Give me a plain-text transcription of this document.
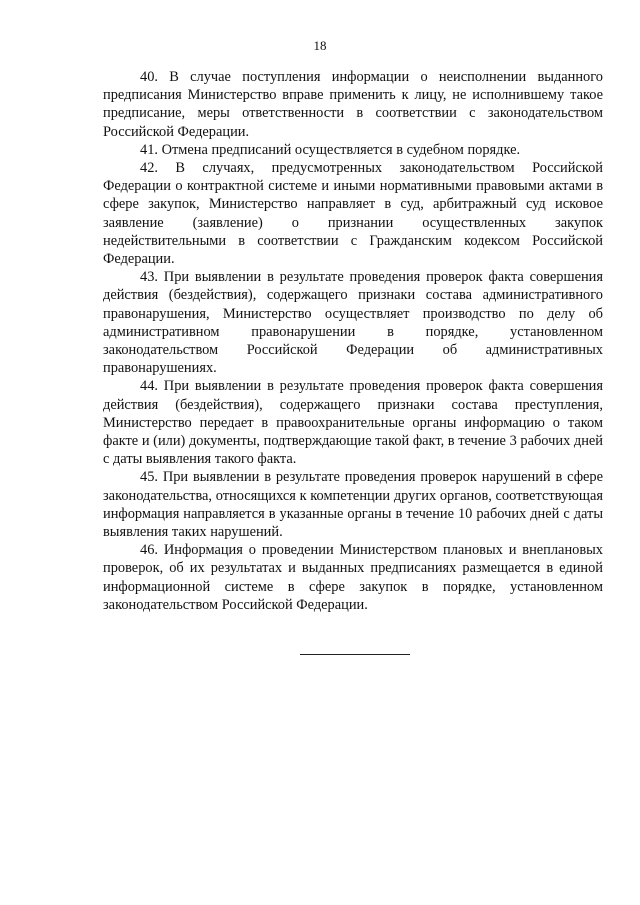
18

40. В случае поступления информации о неисполнении выданного предписания Министерство вправе применить к лицу, не исполнившему такое предписание, меры ответственности в соответствии с законодательством Российской Федерации.

41. Отмена предписаний осуществляется в судебном порядке.

42. В случаях, предусмотренных законодательством Российской Федерации о контрактной системе и иными нормативными правовыми актами в сфере закупок, Министерство направляет в суд, арбитражный суд исковое заявление (заявление) о признании осуществленных закупок недействительными в соответствии с Гражданским кодексом Российской Федерации.

43. При выявлении в результате проведения проверок факта совершения действия (бездействия), содержащего признаки состава административного правонарушения, Министерство осуществляет производство по делу об административном правонарушении в порядке, установленном законодательством Российской Федерации об административных правонарушениях.

44. При выявлении в результате проведения проверок факта совершения действия (бездействия), содержащего признаки состава преступления, Министерство передает в правоохранительные органы информацию о таком факте и (или) документы, подтверждающие такой факт, в течение 3 рабочих дней с даты выявления такого факта.

45. При выявлении в результате проведения проверок нарушений в сфере законодательства, относящихся к компетенции других органов, соответствующая информация направляется в указанные органы в течение 10 рабочих дней с даты выявления таких нарушений.

46. Информация о проведении Министерством плановых и внеплановых проверок, об их результатах и выданных предписаниях размещается в единой информационной системе в сфере закупок в порядке, установленном законодательством Российской Федерации.
